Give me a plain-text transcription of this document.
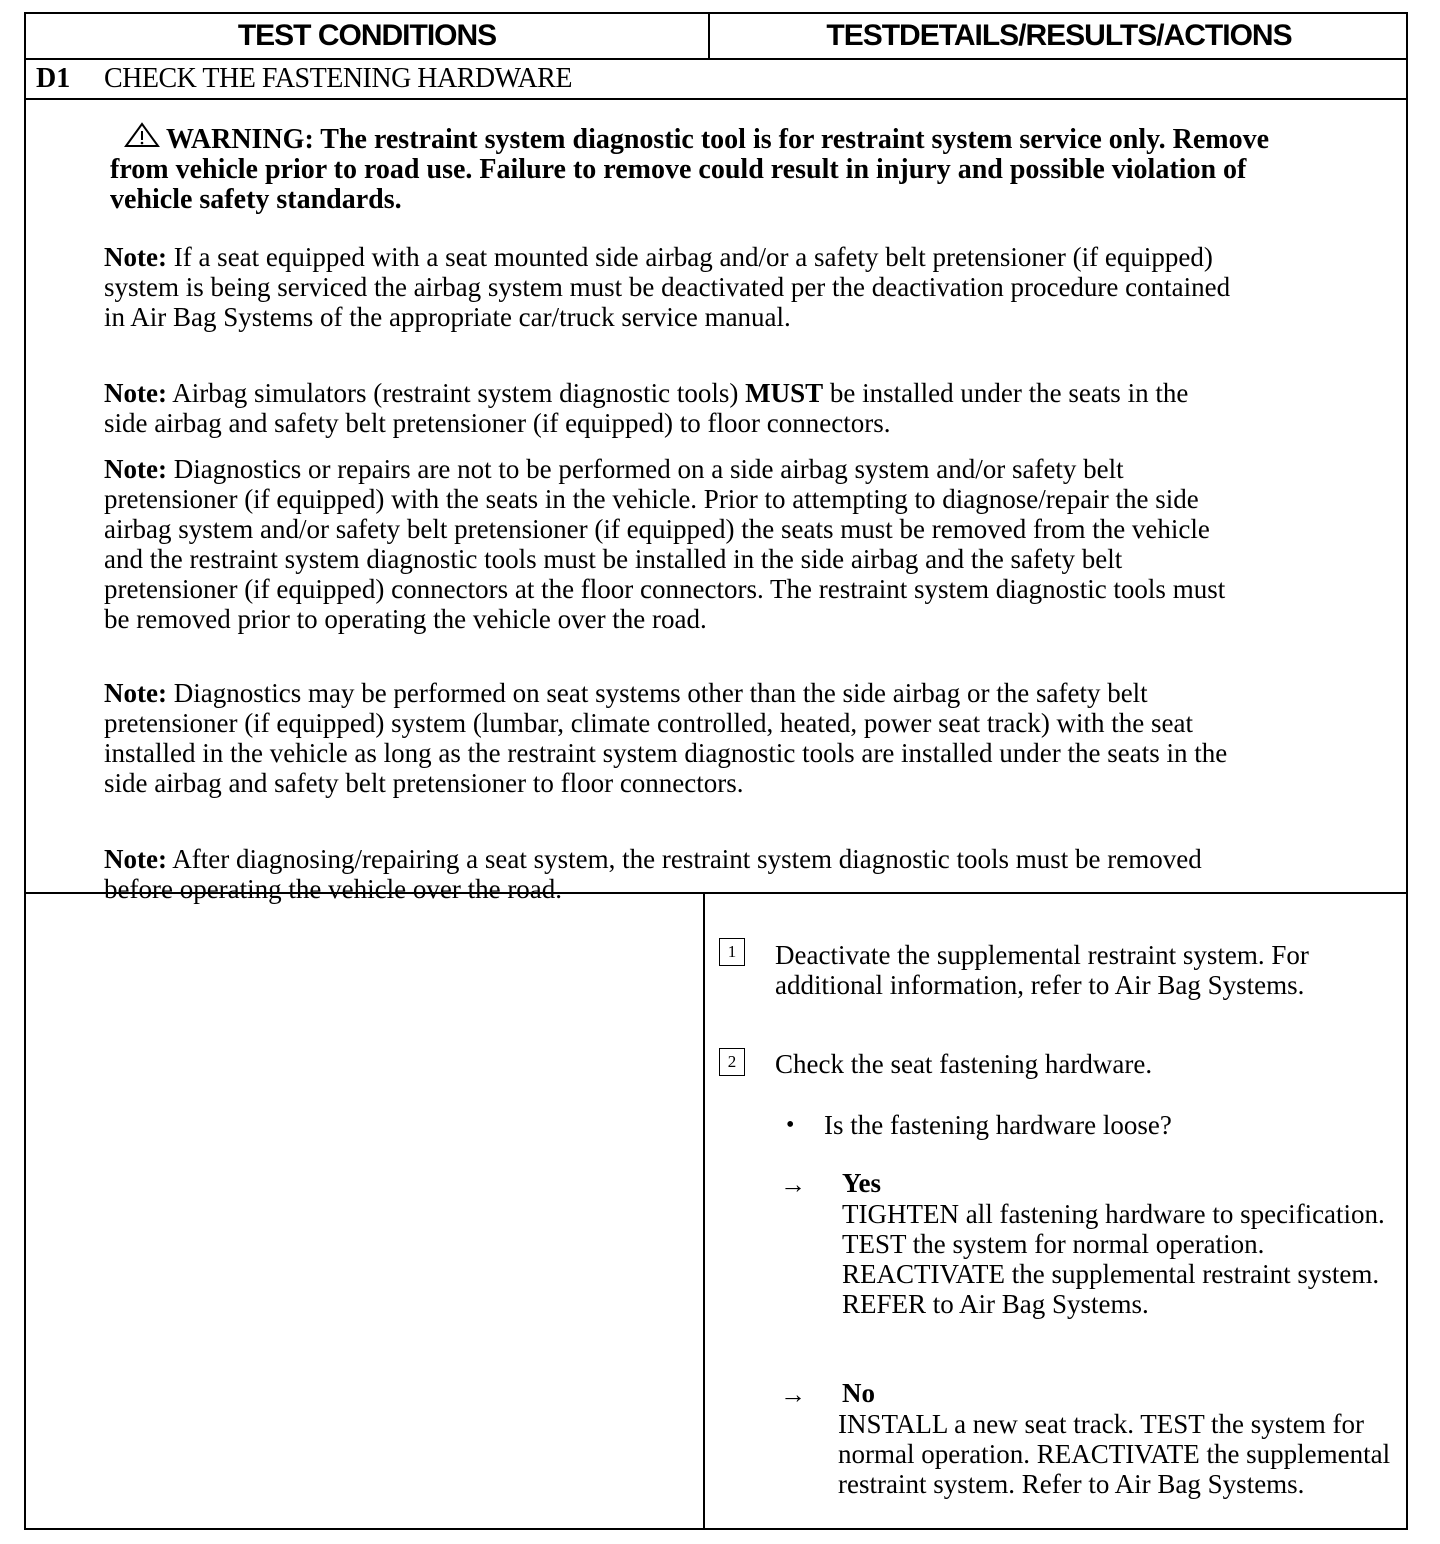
TEST CONDITIONS	TESTDETAILS/RESULTS/ACTIONS
D1 CHECK THE FASTENING HARDWARE
WARNING: The restraint system diagnostic tool is for restraint system service only. Remove from vehicle prior to road use. Failure to remove could result in injury and possible violation of vehicle safety standards.
Note: If a seat equipped with a seat mounted side airbag and/or a safety belt pretensioner (if equipped) system is being serviced the airbag system must be deactivated per the deactivation procedure contained in Air Bag Systems of the appropriate car/truck service manual.
Note: Airbag simulators (restraint system diagnostic tools) MUST be installed under the seats in the side airbag and safety belt pretensioner (if equipped) to floor connectors.
Note: Diagnostics or repairs are not to be performed on a side airbag system and/or safety belt pretensioner (if equipped) with the seats in the vehicle. Prior to attempting to diagnose/repair the side airbag system and/or safety belt pretensioner (if equipped) the seats must be removed from the vehicle and the restraint system diagnostic tools must be installed in the side airbag and the safety belt pretensioner (if equipped) connectors at the floor connectors. The restraint system diagnostic tools must be removed prior to operating the vehicle over the road.
Note: Diagnostics may be performed on seat systems other than the side airbag or the safety belt pretensioner (if equipped) system (lumbar, climate controlled, heated, power seat track) with the seat installed in the vehicle as long as the restraint system diagnostic tools are installed under the seats in the side airbag and safety belt pretensioner to floor connectors.
Note: After diagnosing/repairing a seat system, the restraint system diagnostic tools must be removed before operating the vehicle over the road.
1	Deactivate the supplemental restraint system. For additional information, refer to Air Bag Systems.
2	Check the seat fastening hardware.
• Is the fastening hardware loose?
→ Yes
TIGHTEN all fastening hardware to specification. TEST the system for normal operation. REACTIVATE the supplemental restraint system. REFER to Air Bag Systems.
→ No
INSTALL a new seat track. TEST the system for normal operation. REACTIVATE the supplemental restraint system. Refer to Air Bag Systems.
